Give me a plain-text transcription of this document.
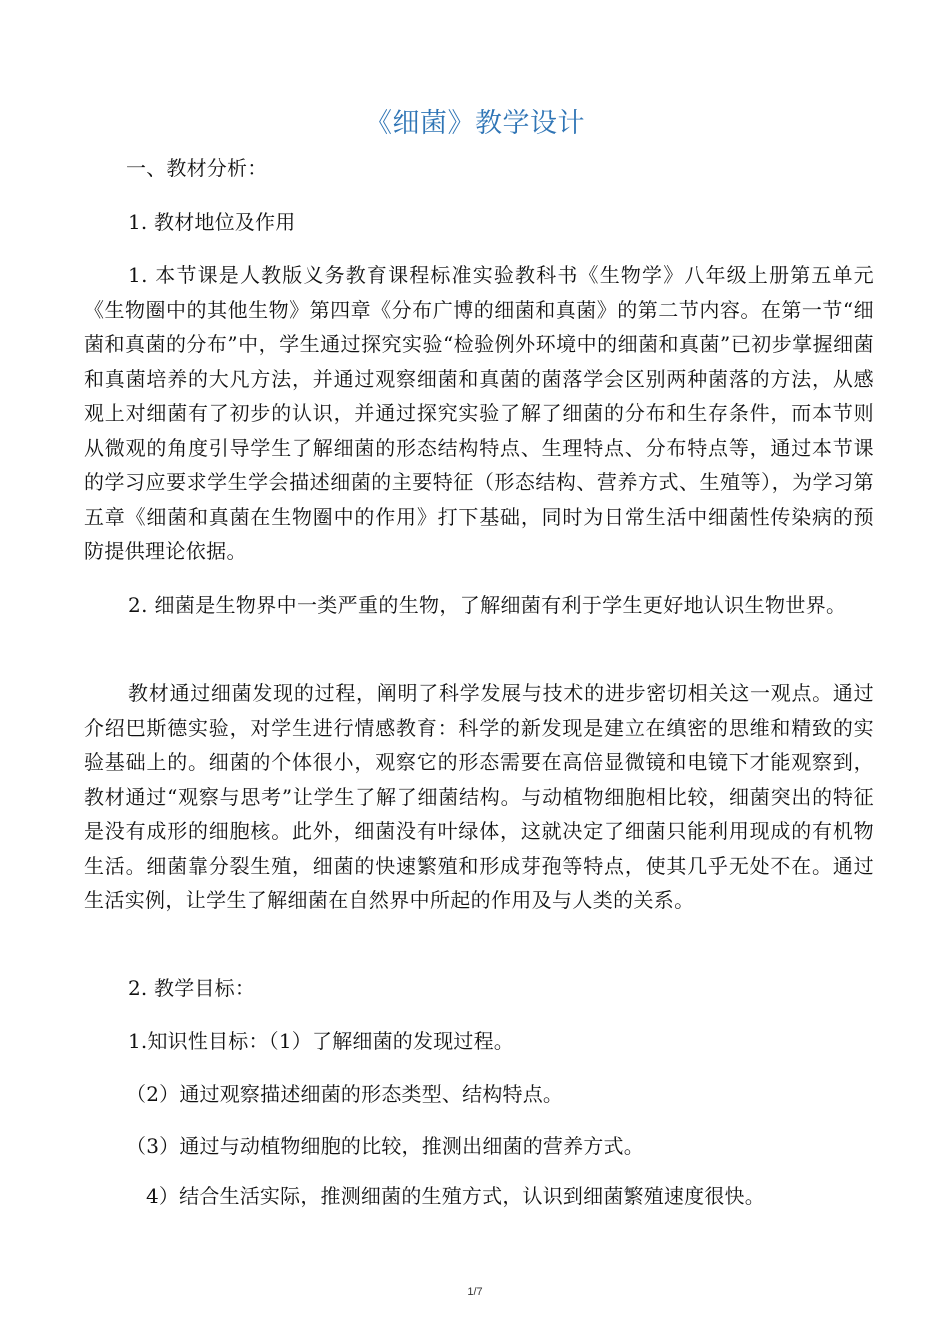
《细菌》教学设计
一、教材分析：
1. 教材地位及作用
1. 本节课是人教版义务教育课程标准实验教科书《生物学》八年级上册第五单元《生物圈中的其他生物》第四章《分布广博的细菌和真菌》的第二节内容。在第一节“细菌和真菌的分布”中，学生通过探究实验“检验例外环境中的细菌和真菌”已初步掌握细菌和真菌培养的大凡方法，并通过观察细菌和真菌的菌落学会区别两种菌落的方法，从感观上对细菌有了初步的认识，并通过探究实验了解了细菌的分布和生存条件，而本节则从微观的角度引导学生了解细菌的形态结构特点、生理特点、分布特点等，通过本节课的学习应要求学生学会描述细菌的主要特征（形态结构、营养方式、生殖等），为学习第五章《细菌和真菌在生物圈中的作用》打下基础，同时为日常生活中细菌性传染病的预防提供理论依据。
2. 细菌是生物界中一类严重的生物，了解细菌有利于学生更好地认识生物世界。
教材通过细菌发现的过程，阐明了科学发展与技术的进步密切相关这一观点。通过介绍巴斯德实验，对学生进行情感教育：科学的新发现是建立在缜密的思维和精致的实验基础上的。细菌的个体很小，观察它的形态需要在高倍显微镜和电镜下才能观察到，教材通过“观察与思考”让学生了解了细菌结构。与动植物细胞相比较，细菌突出的特征是没有成形的细胞核。此外，细菌没有叶绿体，这就决定了细菌只能利用现成的有机物生活。细菌靠分裂生殖，细菌的快速繁殖和形成芽孢等特点，使其几乎无处不在。通过生活实例，让学生了解细菌在自然界中所起的作用及与人类的关系。
2. 教学目标：
1.知识性目标：（1）了解细菌的发现过程。
（2）通过观察描述细菌的形态类型、结构特点。
（3）通过与动植物细胞的比较，推测出细菌的营养方式。
4）结合生活实际，推测细菌的生殖方式，认识到细菌繁殖速度很快。
1/7
